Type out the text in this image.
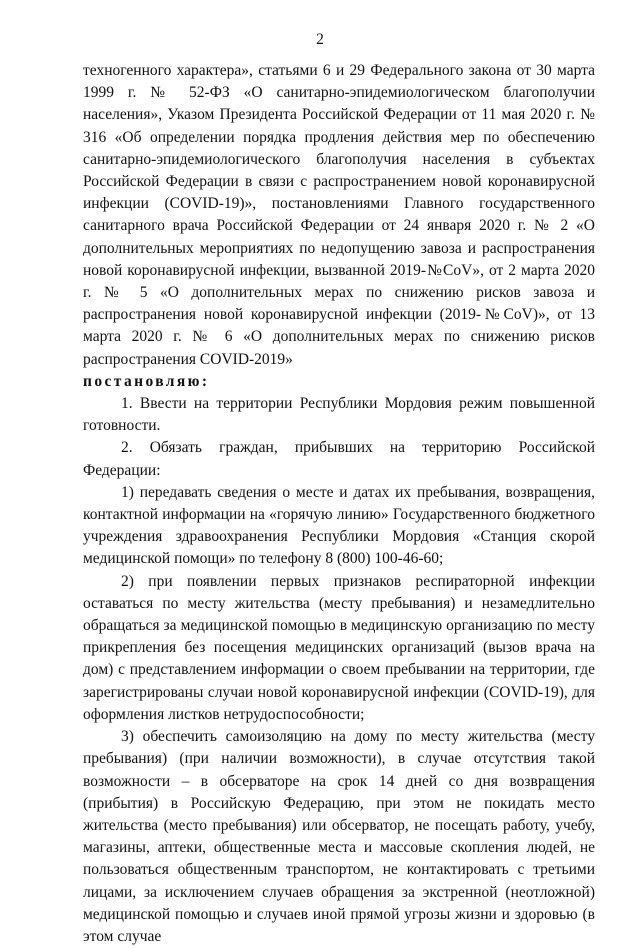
2

техногенного характера», статьями 6 и 29 Федерального закона от 30 марта 1999 г. № 52-ФЗ «О санитарно-эпидемиологическом благополучии населения», Указом Президента Российской Федерации от 11 мая 2020 г. № 316 «Об определении порядка продления действия мер по обеспечению санитарно-эпидемиологического благополучия населения в субъектах Российской Федерации в связи с распространением новой коронавирусной инфекции (COVID-19)», постановлениями Главного государственного санитарного врача Российской Федерации от 24 января 2020 г. № 2 «О дополнительных мероприятиях по недопущению завоза и распространения новой коронавирусной инфекции, вызванной 2019-№CoV», от 2 марта 2020 г. № 5 «О дополнительных мерах по снижению рисков завоза и распространения новой коронавирусной инфекции (2019-№CoV)», от 13 марта 2020 г. № 6 «О дополнительных мерах по снижению рисков распространения COVID-2019»

постановляю:

1. Ввести на территории Республики Мордовия режим повышенной готовности.

2. Обязать граждан, прибывших на территорию Российской Федерации:

1) передавать сведения о месте и датах их пребывания, возвращения, контактной информации на «горячую линию» Государственного бюджетного учреждения здравоохранения Республики Мордовия «Станция скорой медицинской помощи» по телефону 8 (800) 100-46-60;

2) при появлении первых признаков респираторной инфекции оставаться по месту жительства (месту пребывания) и незамедлительно обращаться за медицинской помощью в медицинскую организацию по месту прикрепления без посещения медицинских организаций (вызов врача на дом) с представлением информации о своем пребывании на территории, где зарегистрированы случаи новой коронавирусной инфекции (COVID-19), для оформления листков нетрудоспособности;

3) обеспечить самоизоляцию на дому по месту жительства (месту пребывания) (при наличии возможности), в случае отсутствия такой возможности – в обсерваторе на срок 14 дней со дня возвращения (прибытия) в Российскую Федерацию, при этом не покидать место жительства (место пребывания) или обсерватор, не посещать работу, учебу, магазины, аптеки, общественные места и массовые скопления людей, не пользоваться общественным транспортом, не контактировать с третьими лицами, за исключением случаев обращения за экстренной (неотложной) медицинской помощью и случаев иной прямой угрозы жизни и здоровью (в этом случае
